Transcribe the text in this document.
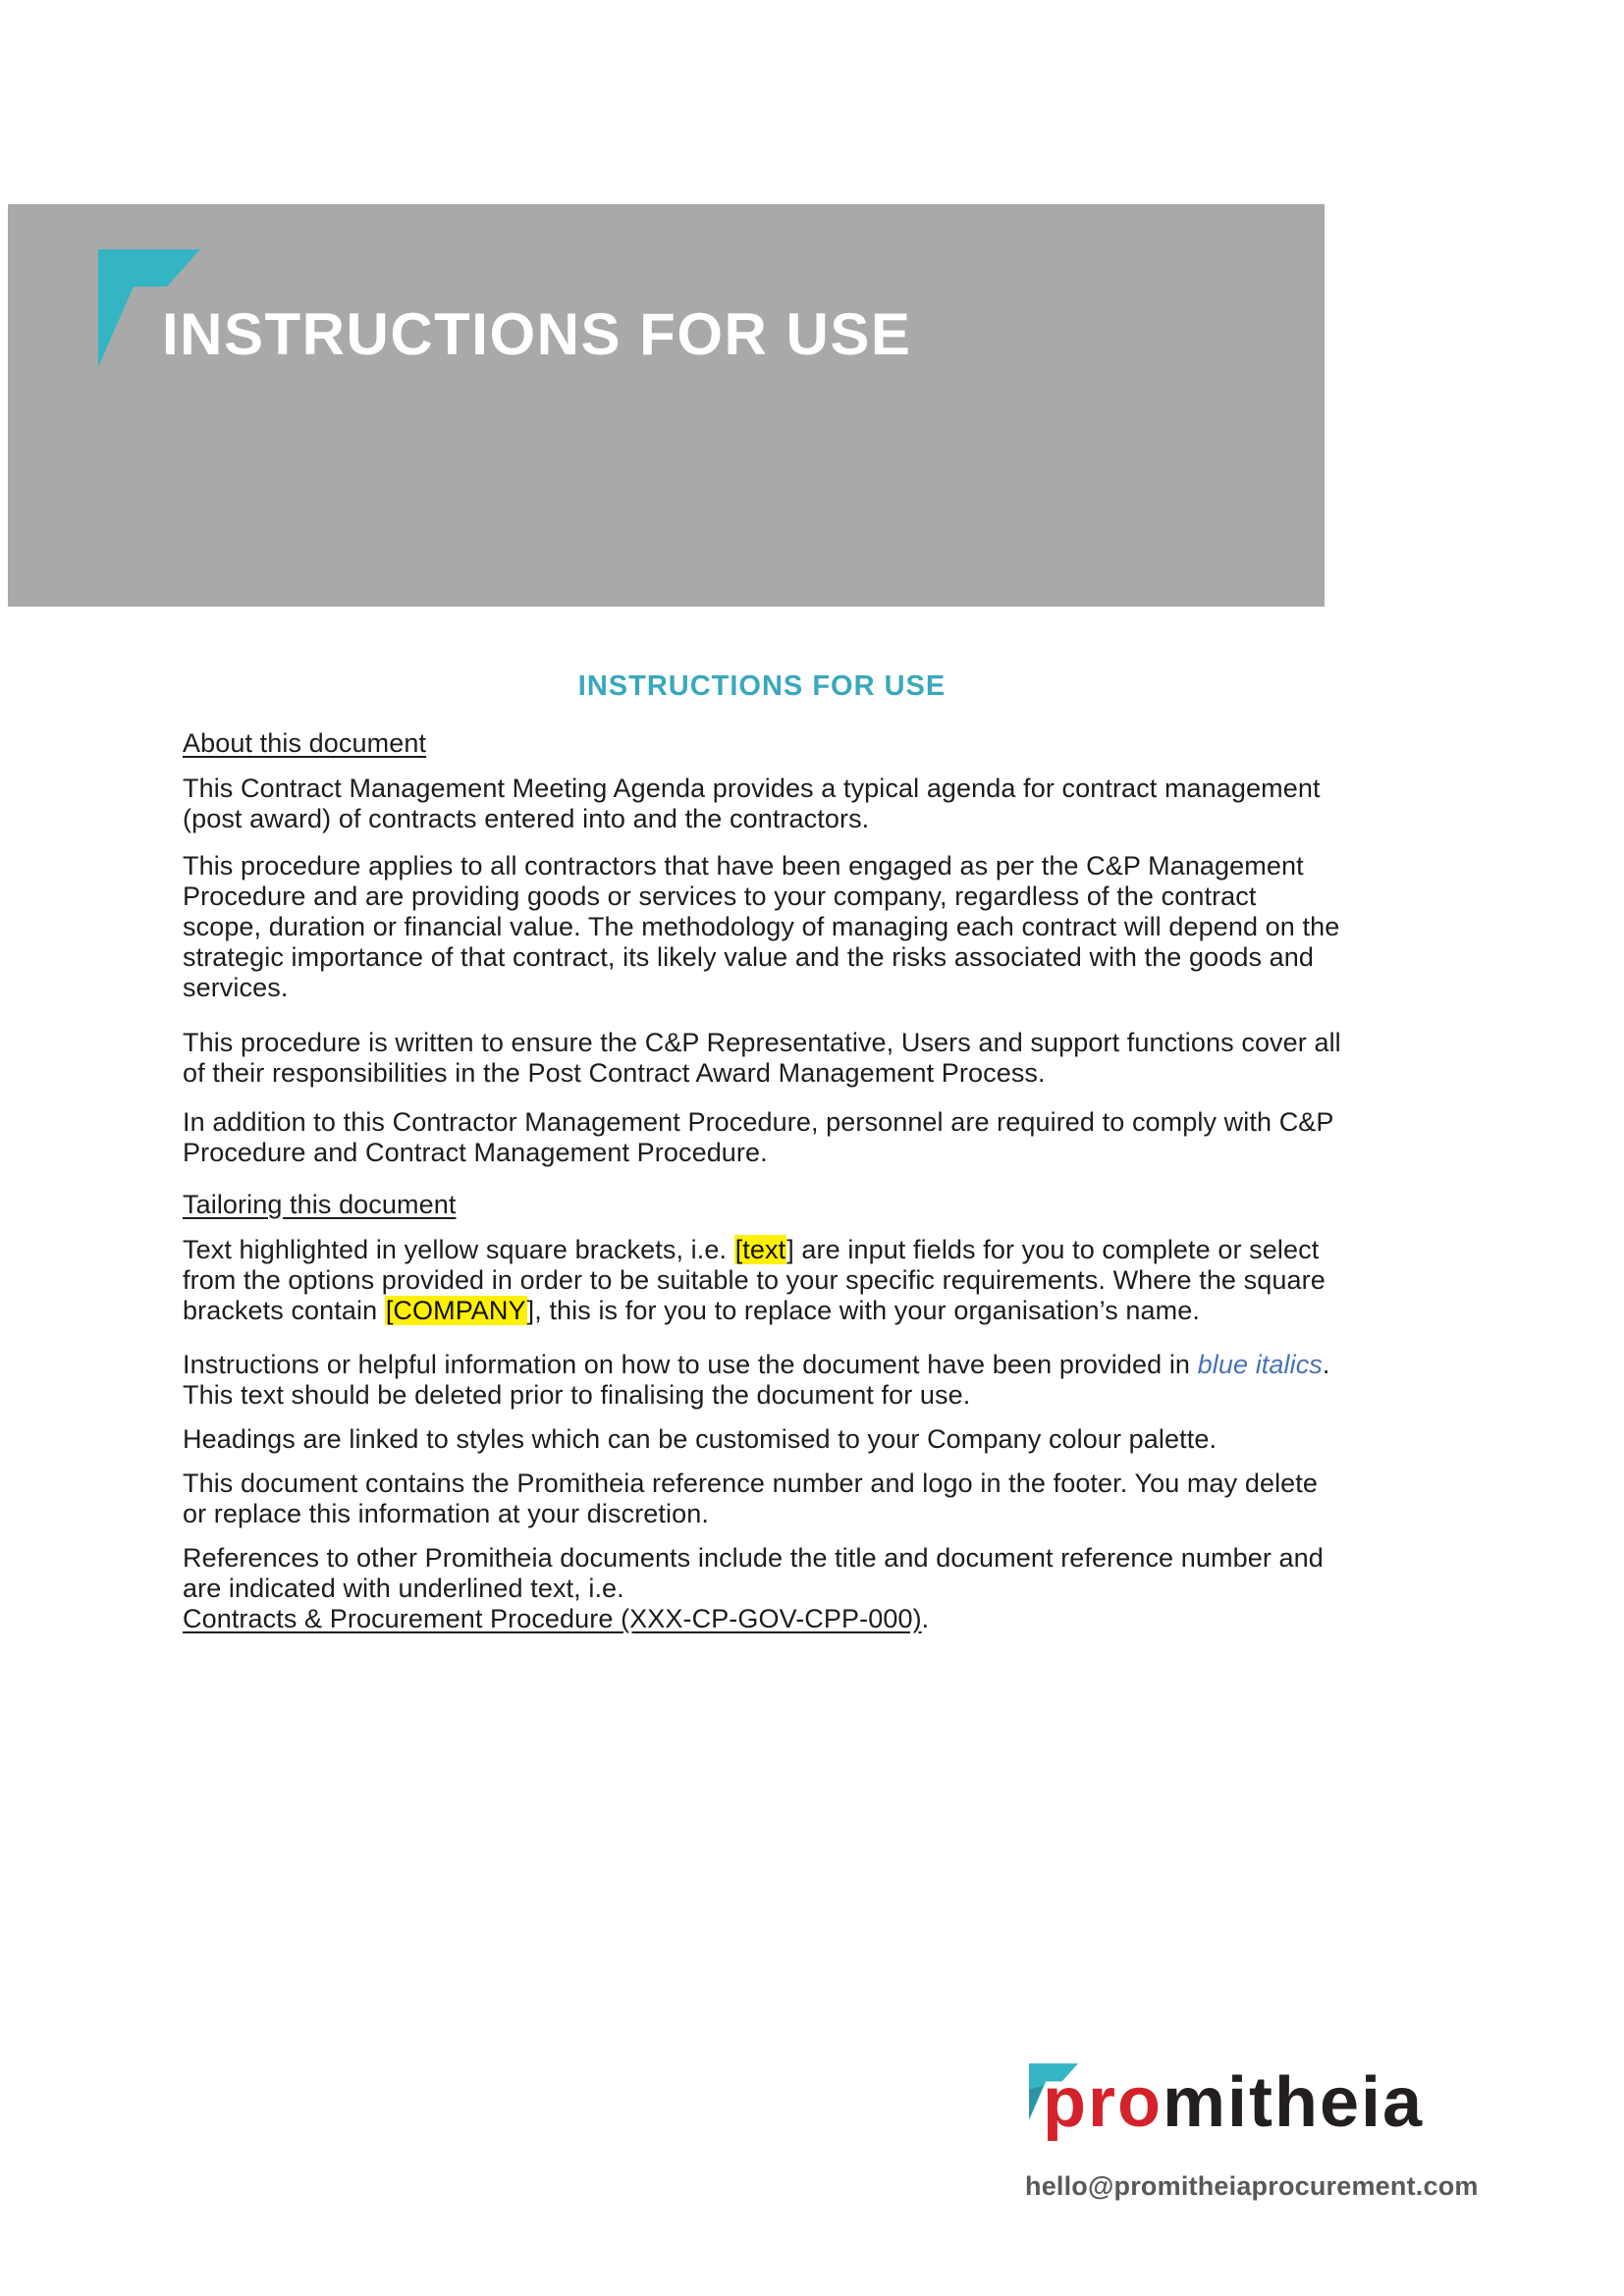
INSTRUCTIONS FOR USE
INSTRUCTIONS FOR USE
About this document

This Contract Management Meeting Agenda provides a typical agenda for contract management (post award) of contracts entered into and the contractors.

This procedure applies to all contractors that have been engaged as per the C&P Management Procedure and are providing goods or services to your company, regardless of the contract scope, duration or financial value. The methodology of managing each contract will depend on the strategic importance of that contract, its likely value and the risks associated with the goods and services.

This procedure is written to ensure the C&P Representative, Users and support functions cover all of their responsibilities in the Post Contract Award Management Process.

In addition to this Contractor Management Procedure, personnel are required to comply with C&P Procedure and Contract Management Procedure.

Tailoring this document

Text highlighted in yellow square brackets, i.e. [text] are input fields for you to complete or select from the options provided in order to be suitable to your specific requirements. Where the square brackets contain [COMPANY], this is for you to replace with your organisation’s name.

Instructions or helpful information on how to use the document have been provided in blue italics. This text should be deleted prior to finalising the document for use.

Headings are linked to styles which can be customised to your Company colour palette.

This document contains the Promitheia reference number and logo in the footer. You may delete or replace this information at your discretion.

References to other Promitheia documents include the title and document reference number and are indicated with underlined text, i.e.
Contracts & Procurement Procedure (XXX-CP-GOV-CPP-000).

promitheia
hello@promitheiaprocurement.com
